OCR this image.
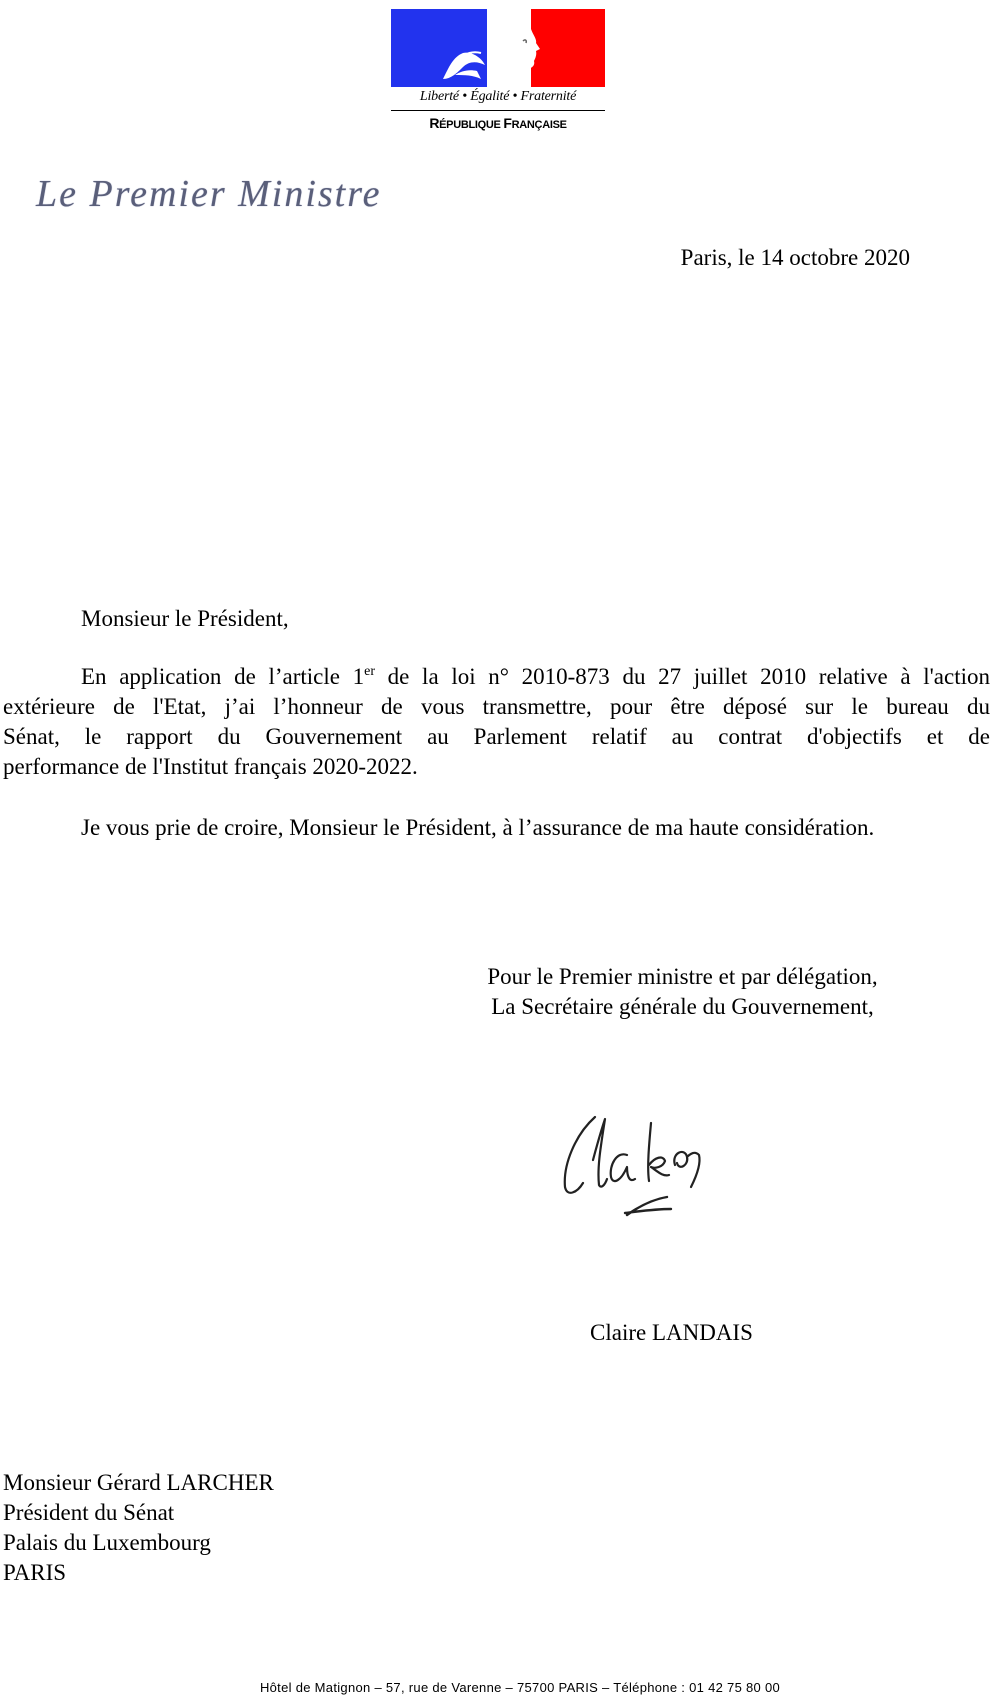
Liberté • Égalité • Fraternité
RÉPUBLIQUE FRANÇAISE
Le Premier Ministre
Paris, le 14 octobre 2020
Monsieur le Président,
En application de l’article 1er de la loi n° 2010-873 du 27 juillet 2010 relative à l'action
extérieure de l'Etat, j’ai l’honneur de vous transmettre, pour être déposé sur le bureau du
Sénat, le rapport du Gouvernement au Parlement relatif au contrat d'objectifs et de
performance de l'Institut français 2020-2022.
Je vous prie de croire, Monsieur le Président, à l’assurance de ma haute considération.
Pour le Premier ministre et par délégation,
La Secrétaire générale du Gouvernement,
Claire LANDAIS
Monsieur Gérard LARCHER
Président du Sénat
Palais du Luxembourg
PARIS
Hôtel de Matignon – 57, rue de Varenne – 75700 PARIS – Téléphone : 01 42 75 80 00
